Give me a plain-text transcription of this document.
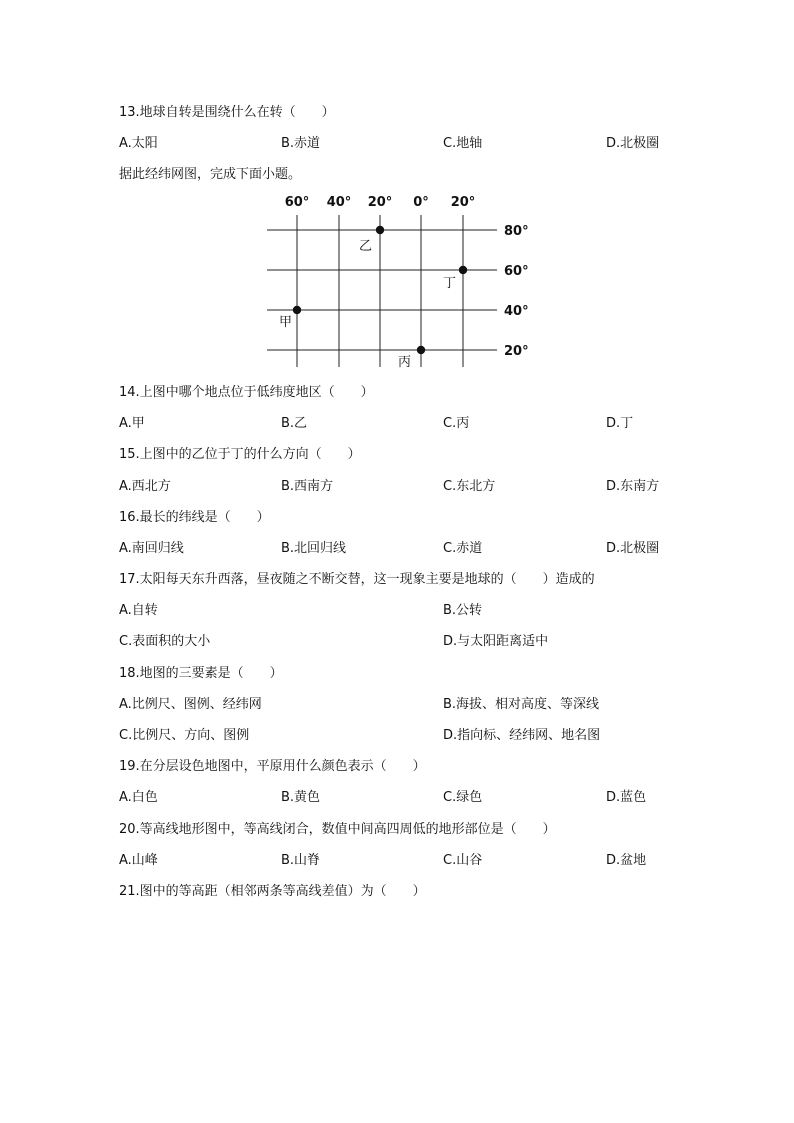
13.地球自转是围绕什么在转（　　）
A.太阳	B.赤道	C.地轴	D.北极圈
据此经纬网图，完成下面小题。
60° 40° 20° 0° 20°
80°
60°
40°
20°
甲
乙
丙
丁
14.上图中哪个地点位于低纬度地区（　　）
A.甲	B.乙	C.丙	D.丁
15.上图中的乙位于丁的什么方向（　　）
A.西北方	B.西南方	C.东北方	D.东南方
16.最长的纬线是（　　）
A.南回归线	B.北回归线	C.赤道	D.北极圈
17.太阳每天东升西落，昼夜随之不断交替，这一现象主要是地球的（　　）造成的
A.自转	B.公转
C.表面积的大小	D.与太阳距离适中
18.地图的三要素是（　　）
A.比例尺、图例、经纬网	B.海拔、相对高度、等深线
C.比例尺、方向、图例	D.指向标、经纬网、地名图
19.在分层设色地图中，平原用什么颜色表示（　　）
A.白色	B.黄色	C.绿色	D.蓝色
20.等高线地形图中，等高线闭合，数值中间高四周低的地形部位是（　　）
A.山峰	B.山脊	C.山谷	D.盆地
21.图中的等高距（相邻两条等高线差值）为（　　）
